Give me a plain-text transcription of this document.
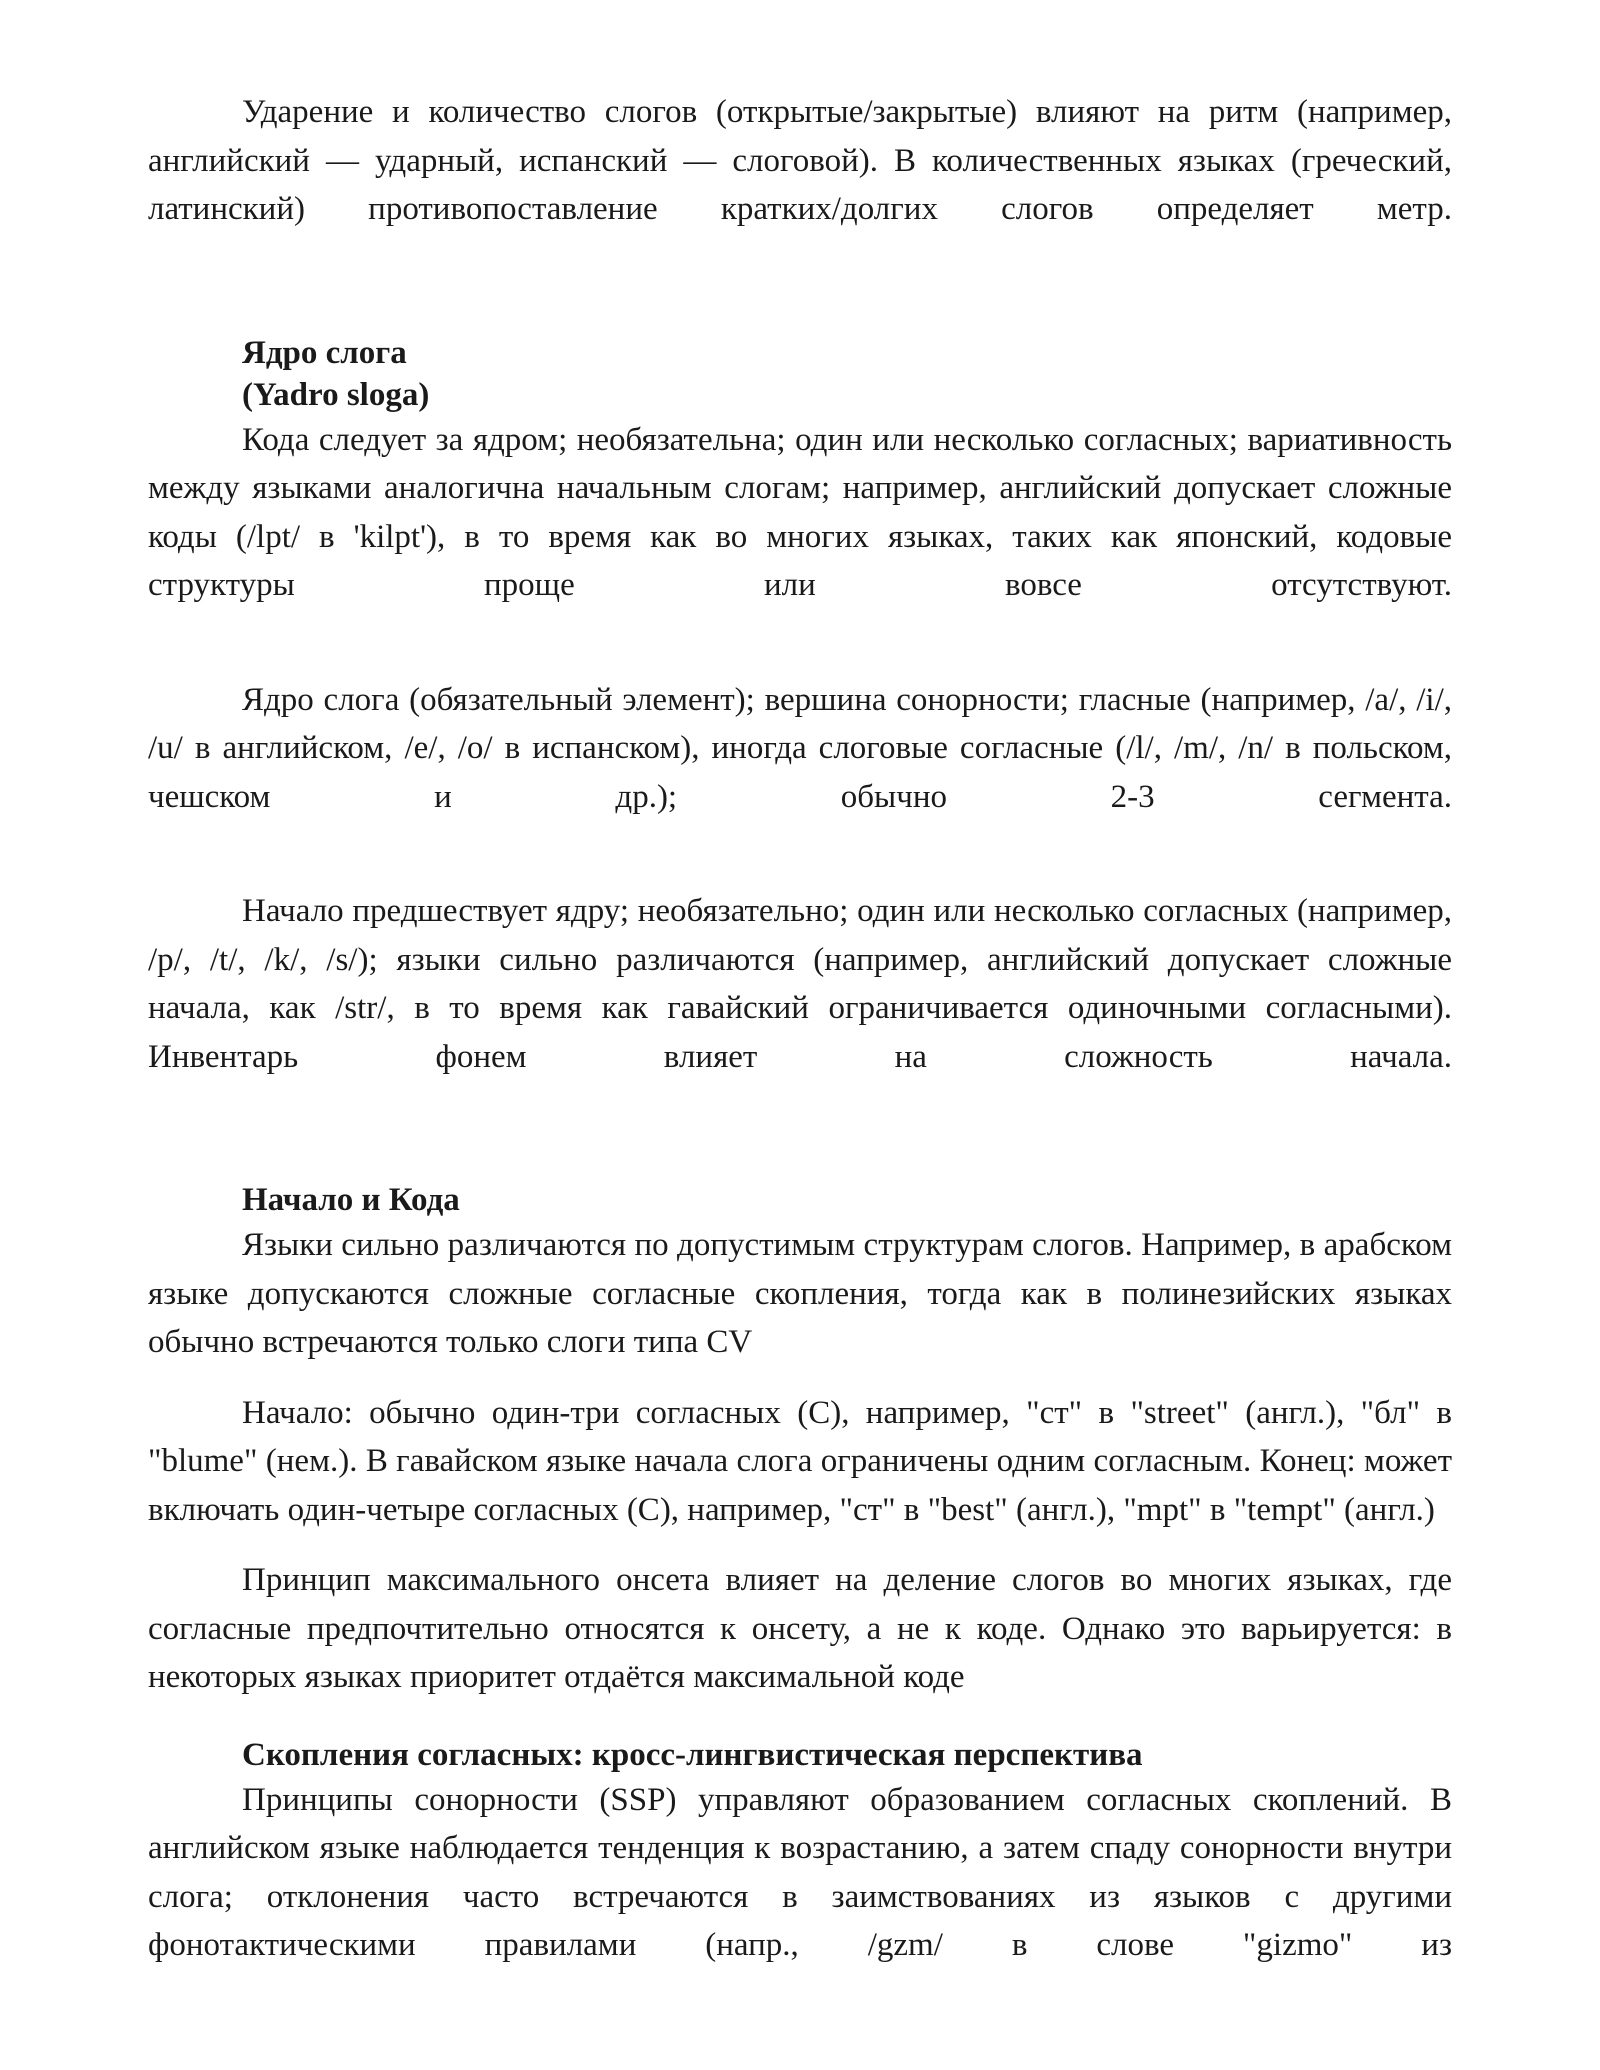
Ударение и количество слогов (открытые/закрытые) влияют на ритм (например, английский — ударный, испанский — слоговой). В количественных языках (греческий, латинский) противопоставление кратких/долгих слогов определяет метр.

Ядро слога

(Yadro sloga)

Кода следует за ядром; необязательна; один или несколько согласных; вариативность между языками аналогична начальным слогам; например, английский допускает сложные коды (/lpt/ в 'kilpt'), в то время как во многих языках, таких как японский, кодовые структуры проще или вовсе отсутствуют.

Ядро слога (обязательный элемент); вершина сонорности; гласные (например, /a/, /i/, /u/ в английском, /e/, /o/ в испанском), иногда слоговые согласные (/l/, /m/, /n/ в польском, чешском и др.); обычно 2-3 сегмента.

Начало предшествует ядру; необязательно; один или несколько согласных (например, /p/, /t/, /k/, /s/); языки сильно различаются (например, английский допускает сложные начала, как /str/, в то время как гавайский ограничивается одиночными согласными). Инвентарь фонем влияет на сложность начала.

Начало и Кода

Языки сильно различаются по допустимым структурам слогов. Например, в арабском языке допускаются сложные согласные скопления, тогда как в полинезийских языках обычно встречаются только слоги типа CV

Начало: обычно один-три согласных (C), например, "ст" в "street" (англ.), "бл" в "blume" (нем.). В гавайском языке начала слога ограничены одним согласным. Конец: может включать один-четыре согласных (C), например, "ст" в "best" (англ.), "mpt" в "tempt" (англ.)

Принцип максимального онсета влияет на деление слогов во многих языках, где согласные предпочтительно относятся к онсету, а не к коде. Однако это варьируется: в некоторых языках приоритет отдаётся максимальной коде

Скопления согласных: кросс-лингвистическая перспектива

Принципы сонорности (SSP) управляют образованием согласных скоплений. В английском языке наблюдается тенденция к возрастанию, а затем спаду сонорности внутри слога; отклонения часто встречаются в заимствованиях из языков с другими фонотактическими правилами (напр., /gzm/ в слове "gizmo" из
